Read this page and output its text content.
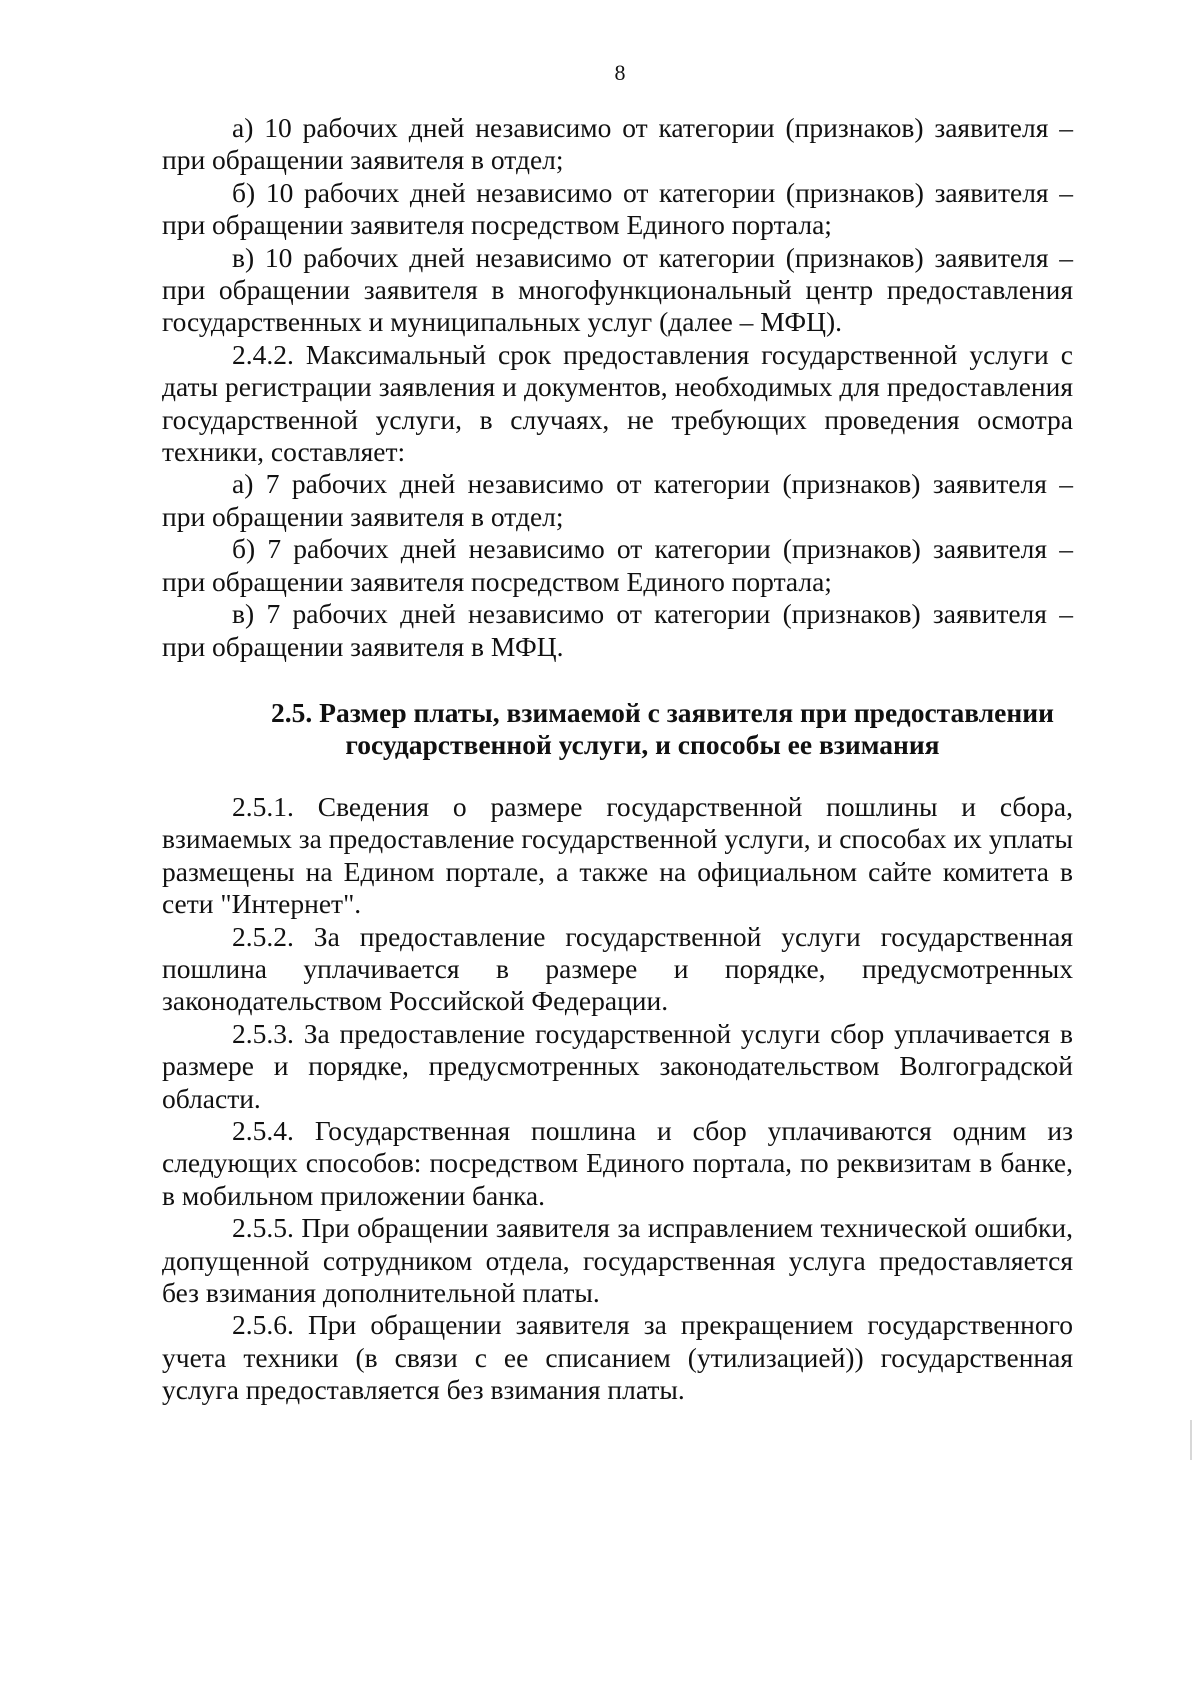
8

а) 10 рабочих дней независимо от категории (признаков) заявителя – при обращении заявителя в отдел;

б) 10 рабочих дней независимо от категории (признаков) заявителя – при обращении заявителя посредством Единого портала;

в) 10 рабочих дней независимо от категории (признаков) заявителя – при обращении заявителя в многофункциональный центр предоставления государственных и муниципальных услуг (далее – МФЦ).

2.4.2. Максимальный срок предоставления государственной услуги с даты регистрации заявления и документов, необходимых для предоставления государственной услуги, в случаях, не требующих проведения осмотра техники, составляет:

а) 7 рабочих дней независимо от категории (признаков) заявителя – при обращении заявителя в отдел;

б) 7 рабочих дней независимо от категории (признаков) заявителя – при обращении заявителя посредством Единого портала;

в) 7 рабочих дней независимо от категории (признаков) заявителя – при обращении заявителя в МФЦ.

2.5. Размер платы, взимаемой с заявителя при предоставлении

государственной услуги, и способы ее взимания

2.5.1. Сведения о размере государственной пошлины и сбора, взимаемых за предоставление государственной услуги, и способах их уплаты размещены на Едином портале, а также на официальном сайте комитета в сети "Интернет".

2.5.2. За предоставление государственной услуги государственная пошлина уплачивается в размере и порядке, предусмотренных законодательством Российской Федерации.

2.5.3. За предоставление государственной услуги сбор уплачивается в размере и порядке, предусмотренных законодательством Волгоградской области.

2.5.4. Государственная пошлина и сбор уплачиваются одним из следующих способов: посредством Единого портала, по реквизитам в банке, в мобильном приложении банка.

2.5.5. При обращении заявителя за исправлением технической ошибки, допущенной сотрудником отдела, государственная услуга предоставляется без взимания дополнительной платы.

2.5.6. При обращении заявителя за прекращением государственного учета техники (в связи с ее списанием (утилизацией)) государственная услуга предоставляется без взимания платы.
